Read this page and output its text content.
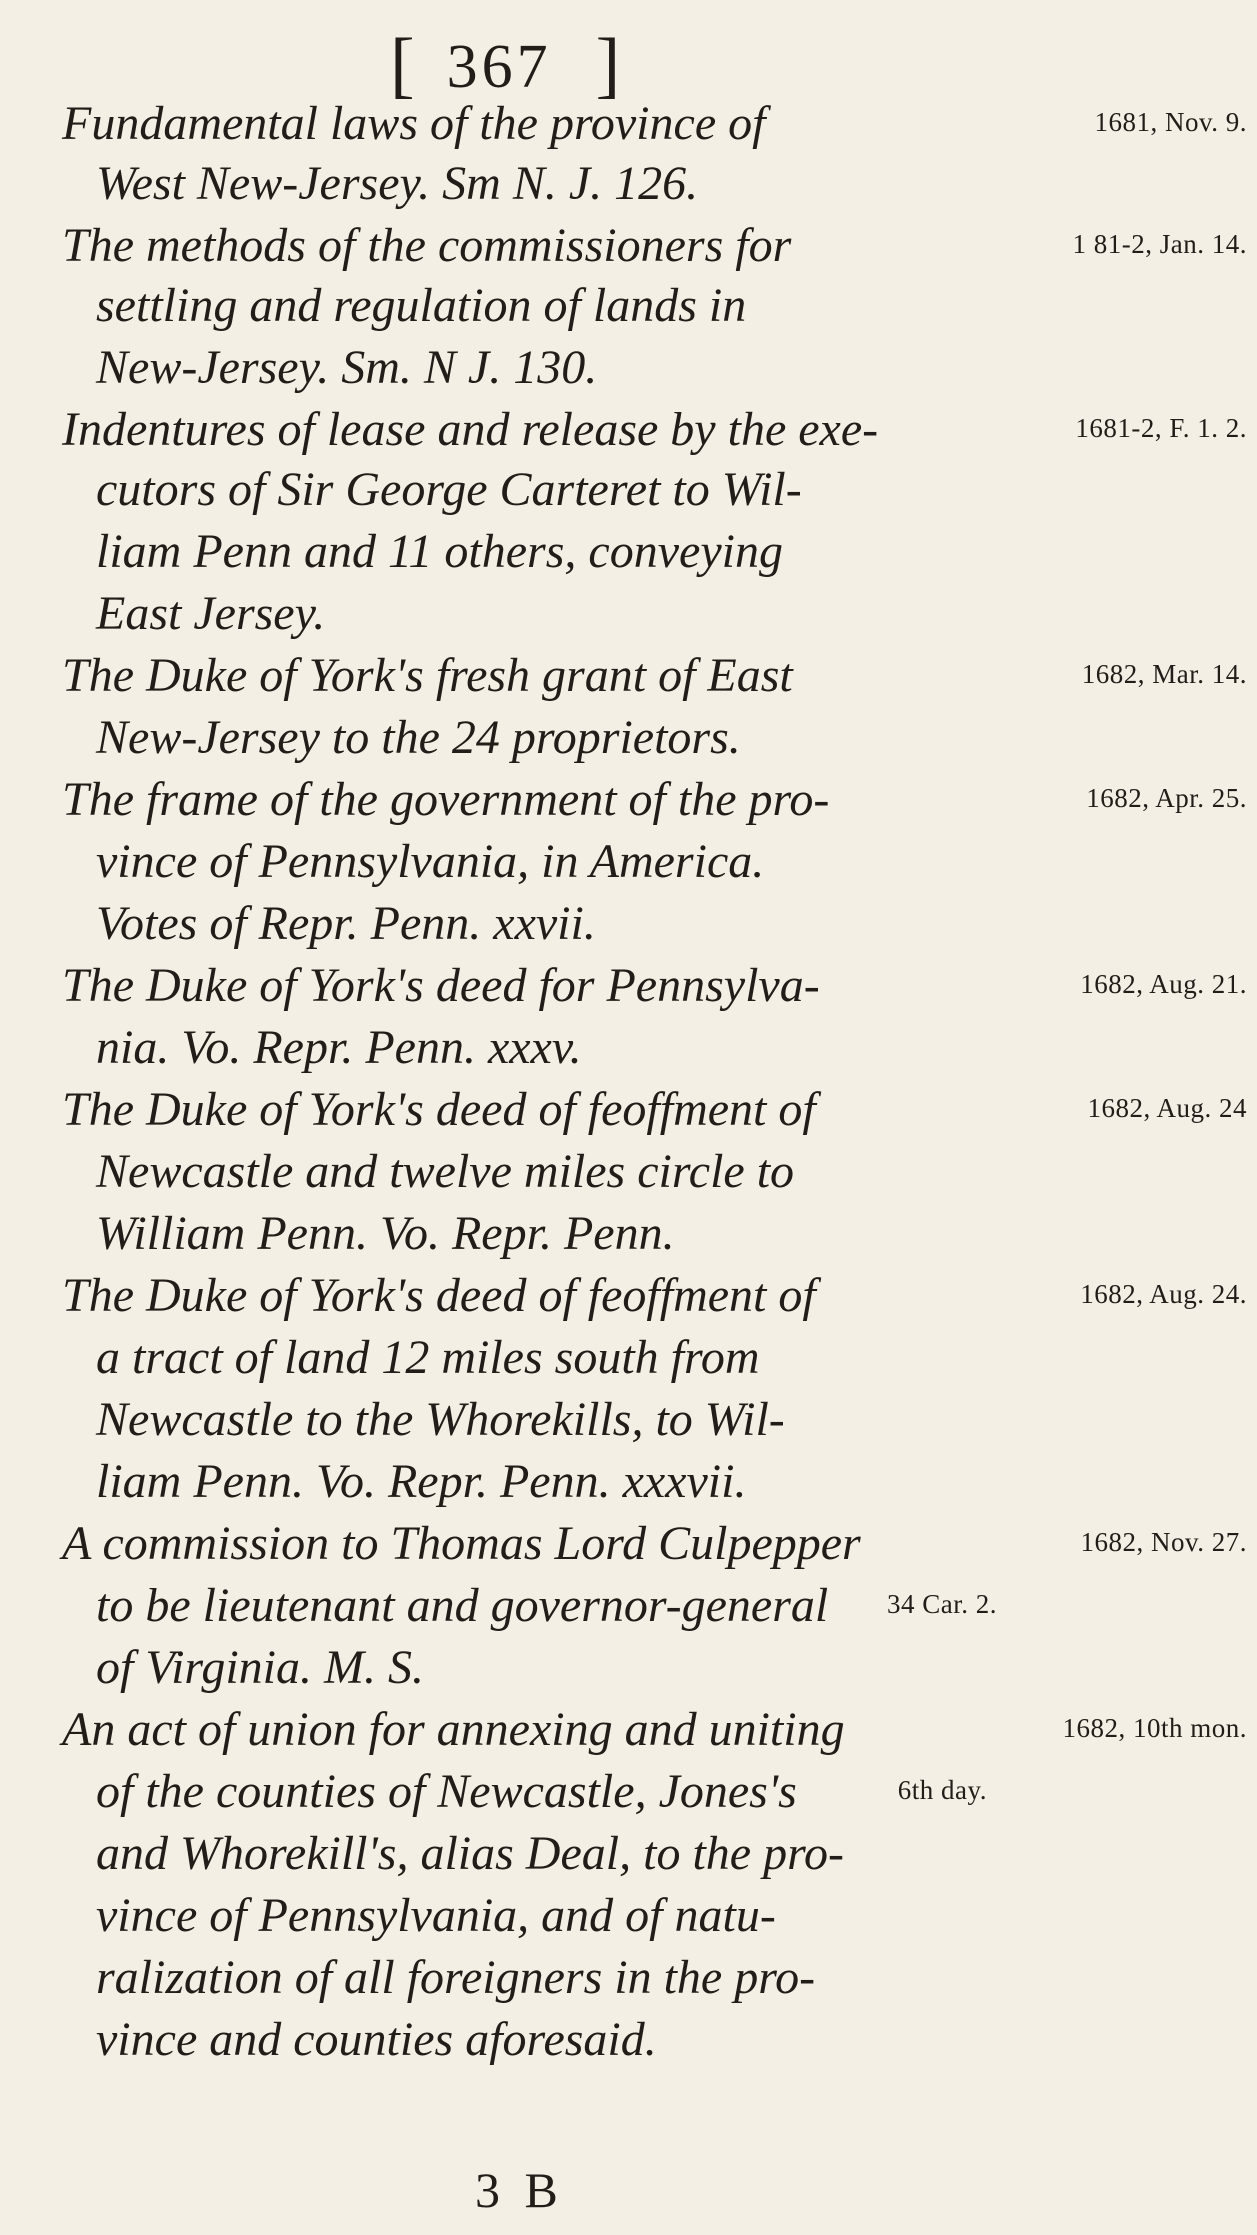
[ 367 ]
Fundamental laws of the province of	1681, Nov. 9.
West New-Jersey. Sm N. J. 126.
The methods of the commissioners for	1 81-2, Jan. 14.
settling and regulation of lands in
New-Jersey. Sm. N J. 130.
Indentures of lease and release by the exe-	1681-2, F. 1. 2.
cutors of Sir George Carteret to Wil-
liam Penn and 11 others, conveying
East Jersey.
The Duke of York's fresh grant of East	1682, Mar. 14.
New-Jersey to the 24 proprietors.
The frame of the government of the pro-	1682, Apr. 25.
vince of Pennsylvania, in America.
Votes of Repr. Penn. xxvii.
The Duke of York's deed for Pennsylva-	1682, Aug. 21.
nia. Vo. Repr. Penn. xxxv.
The Duke of York's deed of feoffment of	1682, Aug. 24
Newcastle and twelve miles circle to
William Penn. Vo. Repr. Penn.
The Duke of York's deed of feoffment of	1682, Aug. 24.
a tract of land 12 miles south from
Newcastle to the Whorekills, to Wil-
liam Penn. Vo. Repr. Penn. xxxvii.
A commission to Thomas Lord Culpepper	1682, Nov. 27.
to be lieutenant and governor-general 34 Car. 2.
of Virginia. M. S.
An act of union for annexing and uniting	1682, 10th mon.
of the counties of Newcastle, Jones's	6th day.
and Whorekill's, alias Deal, to the pro-
vince of Pennsylvania, and of natu-
ralization of all foreigners in the pro-
vince and counties aforesaid.
3 B
